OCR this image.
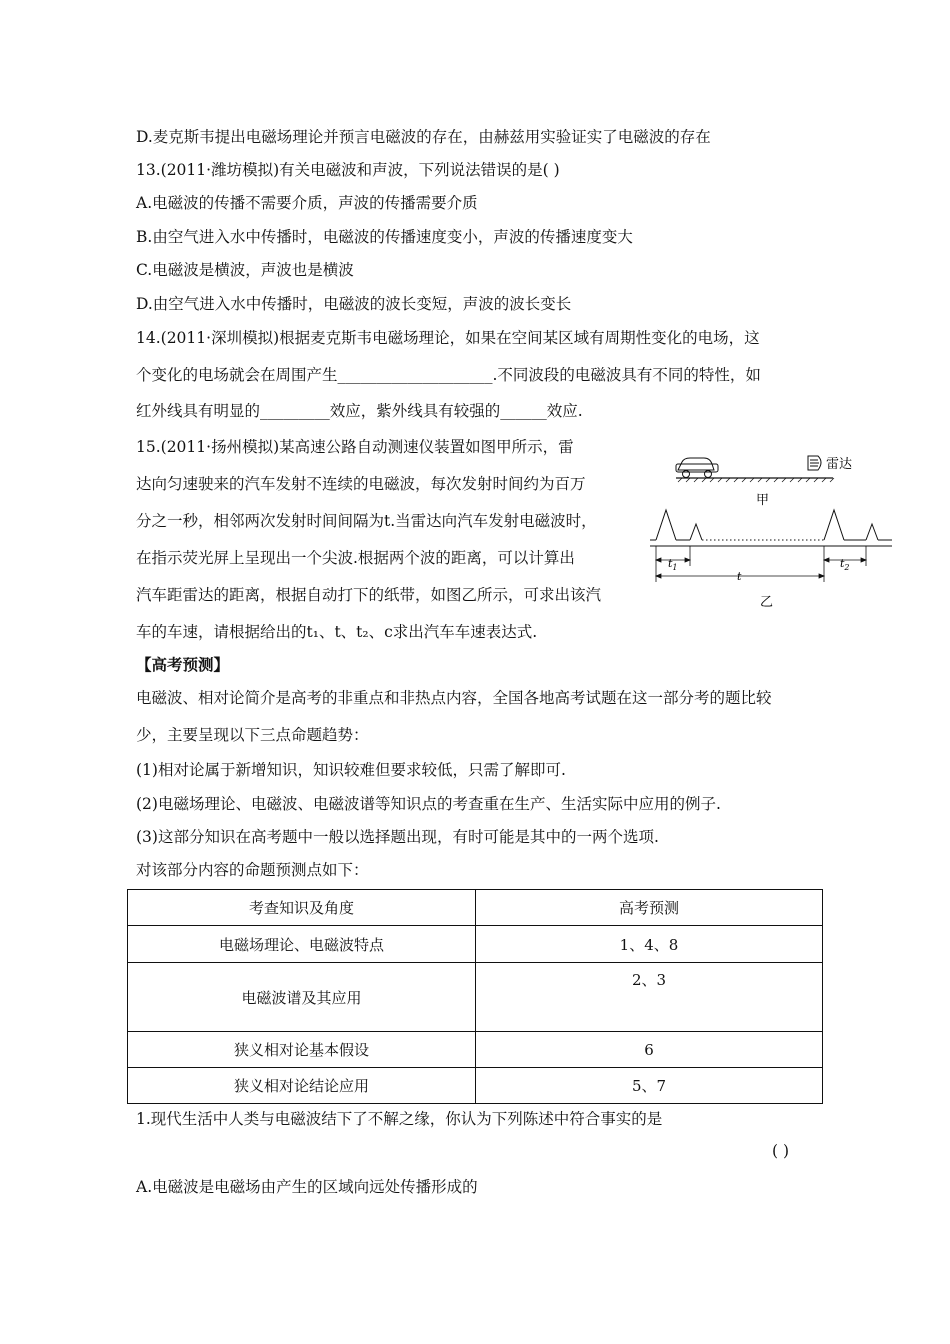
D.麦克斯韦提出电磁场理论并预言电磁波的存在，由赫兹用实验证实了电磁波的存在
13.(2011·潍坊模拟)有关电磁波和声波，下列说法错误的是( )
A.电磁波的传播不需要介质，声波的传播需要介质
B.由空气进入水中传播时，电磁波的传播速度变小，声波的传播速度变大
C.电磁波是横波，声波也是横波
D.由空气进入水中传播时，电磁波的波长变短，声波的波长变长
14.(2011·深圳模拟)根据麦克斯韦电磁场理论，如果在空间某区域有周期性变化的电场，这
个变化的电场就会在周围产生____________________.不同波段的电磁波具有不同的特性，如
红外线具有明显的_________效应，紫外线具有较强的______效应.
15.(2011·扬州模拟)某高速公路自动测速仪装置如图甲所示，雷
达向匀速驶来的汽车发射不连续的电磁波，每次发射时间约为百万
分之一秒，相邻两次发射时间间隔为t.当雷达向汽车发射电磁波时，
在指示荧光屏上呈现出一个尖波.根据两个波的距离，可以计算出
汽车距雷达的距离，根据自动打下的纸带，如图乙所示，可求出该汽
车的车速，请根据给出的t₁、t、t₂、c求出汽车车速表达式.
【高考预测】
电磁波、相对论简介是高考的非重点和非热点内容，全国各地高考试题在这一部分考的题比较
少，主要呈现以下三点命题趋势：
(1)相对论属于新增知识，知识较难但要求较低，只需了解即可.
(2)电磁场理论、电磁波、电磁波谱等知识点的考查重在生产、生活实际中应用的例子.
(3)这部分知识在高考题中一般以选择题出现，有时可能是其中的一两个选项.
对该部分内容的命题预测点如下：
雷达
甲
$t_1$
t
$t_2$
乙
考查知识及角度	高考预测
电磁场理论、电磁波特点	1、4、8
电磁波谱及其应用	2、3
狭义相对论基本假设	6
狭义相对论结论应用	5、7
1.现代生活中人类与电磁波结下了不解之缘，你认为下列陈述中符合事实的是
( )
A.电磁波是电磁场由产生的区域向远处传播形成的
